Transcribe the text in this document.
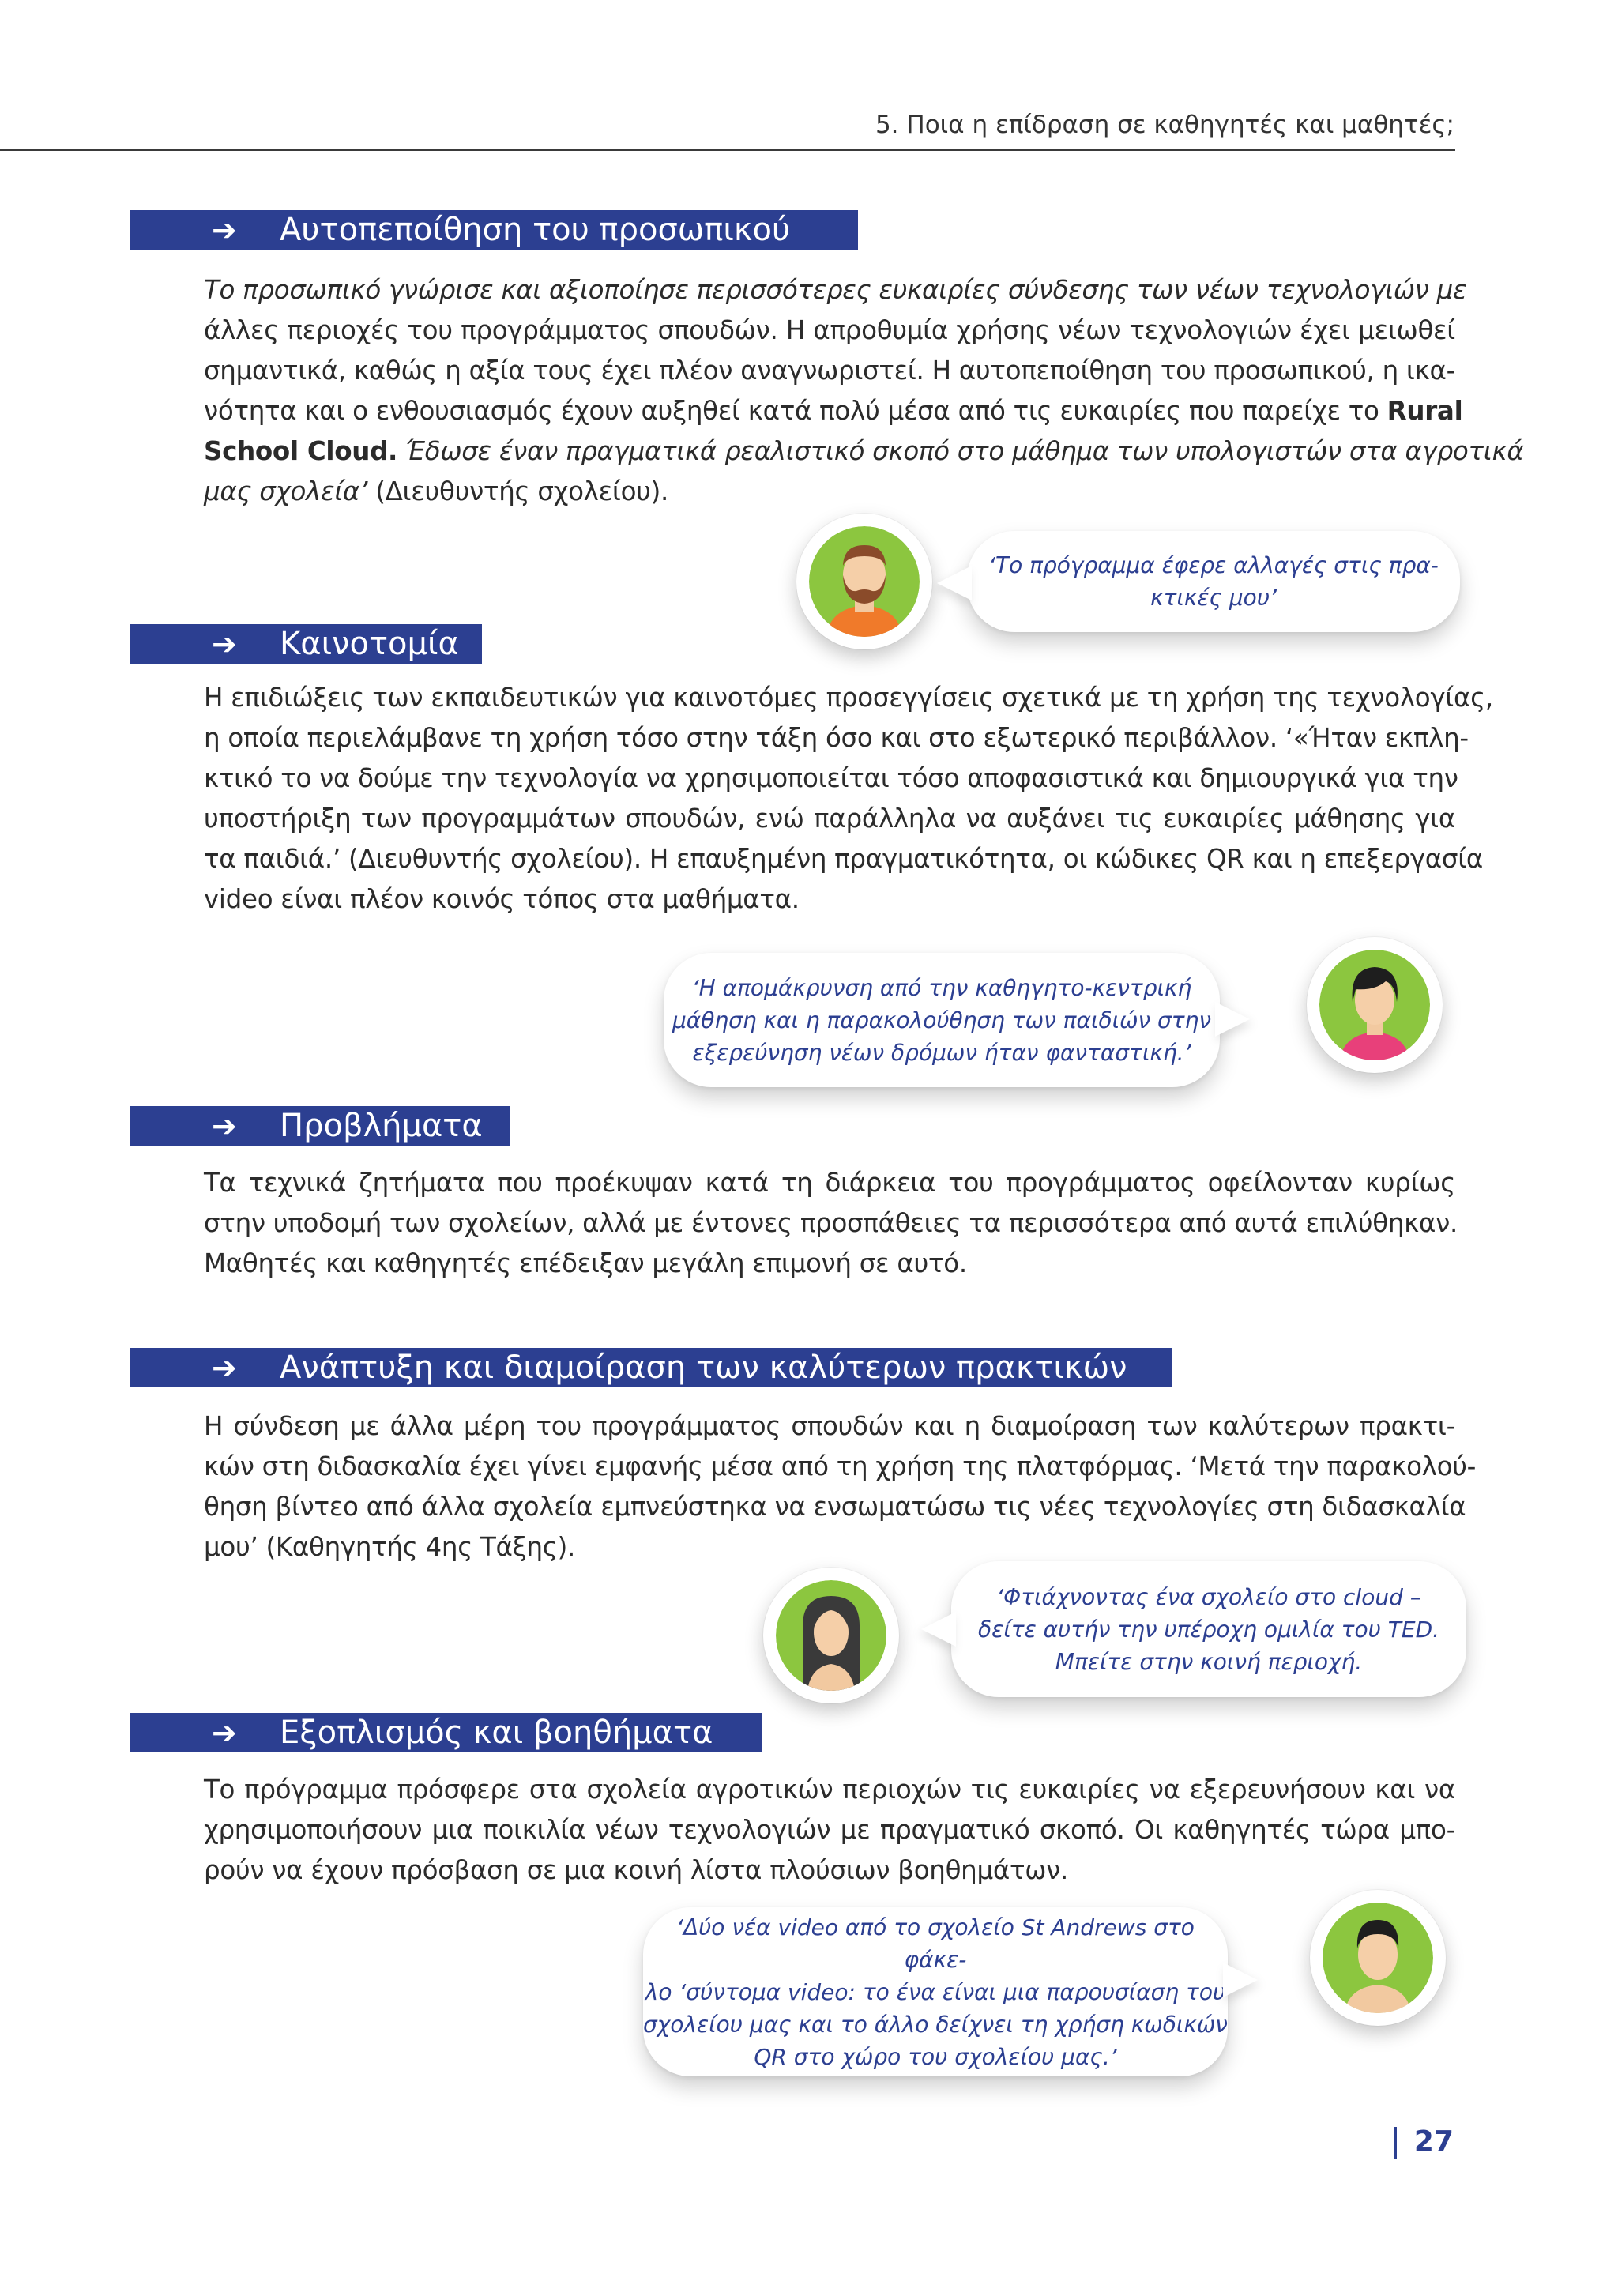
5. Ποια η επίδραση σε καθηγητές και μαθητές;
➔	Αυτοπεποίθηση του προσωπικού
Το προσωπικό γνώρισε και αξιοποίησε περισσότερες ευκαιρίες σύνδεσης των νέων τεχνολογιών με
άλλες περιοχές του προγράμματος σπουδών. Η απροθυμία χρήσης νέων τεχνολογιών έχει μειωθεί
σημαντικά, καθώς η αξία τους έχει πλέον αναγνωριστεί. Η αυτοπεποίθηση του προσωπικού, η ικα-
νότητα και ο ενθουσιασμός έχουν αυξηθεί κατά πολύ μέσα από τις ευκαιρίες που παρείχε το Rural
School Cloud. Έδωσε έναν πραγματικά ρεαλιστικό σκοπό στο μάθημα των υπολογιστών στα αγροτικά
μας σχολεία’ (Διευθυντής σχολείου).
‘Το πρόγραμμα έφερε αλλαγές στις πρα-
κτικές μου’
➔	Καινοτομία
Η επιδιώξεις των εκπαιδευτικών για καινοτόμες προσεγγίσεις σχετικά με τη χρήση της τεχνολογίας,
η οποία περιελάμβανε τη χρήση τόσο στην τάξη όσο και στο εξωτερικό περιβάλλον. ‘«Ήταν εκπλη-
κτικό το να δούμε την τεχνολογία να χρησιμοποιείται τόσο αποφασιστικά και δημιουργικά για την
υποστήριξη των προγραμμάτων σπουδών, ενώ παράλληλα να αυξάνει τις ευκαιρίες μάθησης για
τα παιδιά.’ (Διευθυντής σχολείου). Η επαυξημένη πραγματικότητα, οι κώδικες QR και η επεξεργασία
video είναι πλέον κοινός τόπος στα μαθήματα.
‘Η απομάκρυνση από την καθηγητο-κεντρική
μάθηση και η παρακολούθηση των παιδιών στην
εξερεύνηση νέων δρόμων ήταν φανταστική.’
➔	Προβλήματα
Τα τεχνικά ζητήματα που προέκυψαν κατά τη διάρκεια του προγράμματος οφείλονταν κυρίως
στην υποδομή των σχολείων, αλλά με έντονες προσπάθειες τα περισσότερα από αυτά επιλύθηκαν.
Μαθητές και καθηγητές επέδειξαν μεγάλη επιμονή σε αυτό.
➔	Ανάπτυξη και διαμοίραση των καλύτερων πρακτικών
Η σύνδεση με άλλα μέρη του προγράμματος σπουδών και η διαμοίραση των καλύτερων πρακτι-
κών στη διδασκαλία έχει γίνει εμφανής μέσα από τη χρήση της πλατφόρμας. ‘Μετά την παρακολού-
θηση βίντεο από άλλα σχολεία εμπνεύστηκα να ενσωματώσω τις νέες τεχνολογίες στη διδασκαλία
μου’ (Καθηγητής 4ης Τάξης).
‘Φτιάχνοντας ένα σχολείο στο cloud –
δείτε αυτήν την υπέροχη ομιλία του TED.
Μπείτε στην κοινή περιοχή.
➔	Εξοπλισμός και βοηθήματα
Το πρόγραμμα πρόσφερε στα σχολεία αγροτικών περιοχών τις ευκαιρίες να εξερευνήσουν και να
χρησιμοποιήσουν μια ποικιλία νέων τεχνολογιών με πραγματικό σκοπό. Οι καθηγητές τώρα μπο-
ρούν να έχουν πρόσβαση σε μια κοινή λίστα πλούσιων βοηθημάτων.
‘Δύο νέα video από το σχολείο St Andrews στο φάκε-
λο ‘σύντομα video: το ένα είναι μια παρουσίαση του
σχολείου μας και το άλλο δείχνει τη χρήση κωδικών
QR στο χώρο του σχολείου μας.’
27
